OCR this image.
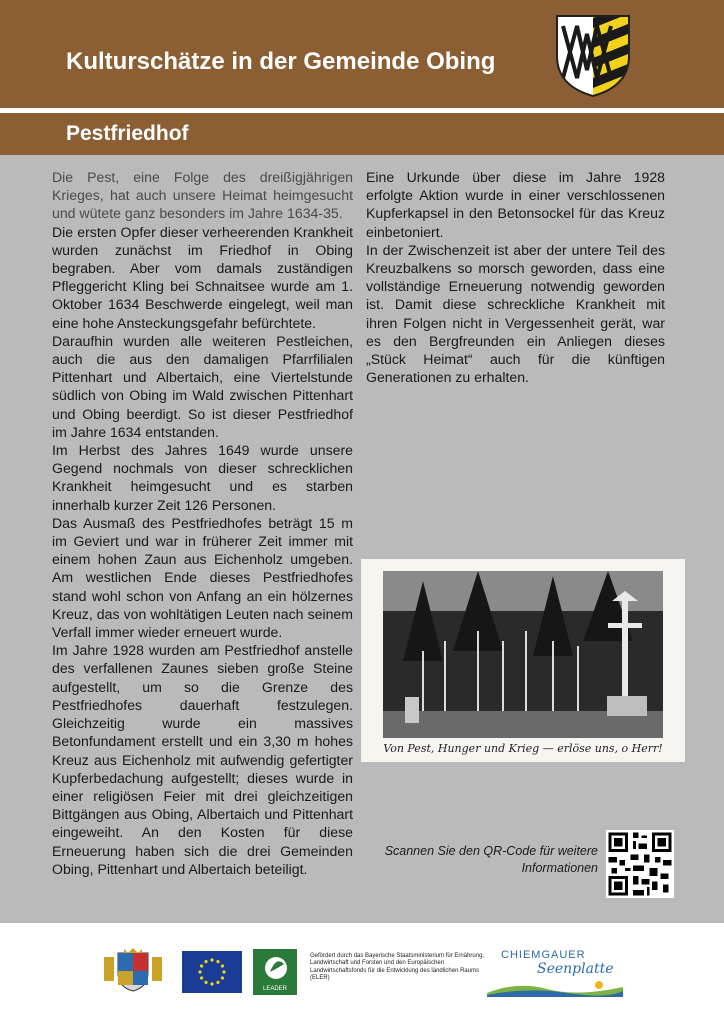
Kulturschätze in der Gemeinde Obing
Pestfriedhof

Die Pest, eine Folge des dreißigjährigen Krieges, hat auch unsere Heimat heimgesucht und wütete ganz besonders im Jahre 1634-35.

Die ersten Opfer dieser verheerenden Krankheit wurden zunächst im Friedhof in Obing begraben. Aber vom damals zuständigen Pfleggericht Kling bei Schnaitsee wurde am 1. Oktober 1634 Beschwerde eingelegt, weil man eine hohe Ansteckungsgefahr befürchtete.

Daraufhin wurden alle weiteren Pestleichen, auch die aus den damaligen Pfarrfilialen Pittenhart und Albertaich, eine Viertelstunde südlich von Obing im Wald zwischen Pittenhart und Obing beerdigt. So ist dieser Pestfriedhof im Jahre 1634 entstanden.

Im Herbst des Jahres 1649 wurde unsere Gegend nochmals von dieser schrecklichen Krankheit heimgesucht und es starben innerhalb kurzer Zeit 126 Personen.

Das Ausmaß des Pestfriedhofes beträgt 15 m im Geviert und war in früherer Zeit immer mit einem hohen Zaun aus Eichenholz umgeben. Am westlichen Ende dieses Pestfriedhofes stand wohl schon von Anfang an ein hölzernes Kreuz, das von wohltätigen Leuten nach seinem Verfall immer wieder erneuert wurde.

Im Jahre 1928 wurden am Pestfriedhof anstelle des verfallenen Zaunes sieben große Steine aufgestellt, um so die Grenze des Pestfriedhofes dauerhaft festzulegen. Gleichzeitig wurde ein massives Betonfundament erstellt und ein 3,30 m hohes Kreuz aus Eichenholz mit aufwendig gefertigter Kupferbedachung aufgestellt; dieses wurde in einer religiösen Feier mit drei gleichzeitigen Bittgängen aus Obing, Albertaich und Pittenhart eingeweiht. An den Kosten für diese Erneuerung haben sich die drei Gemeinden Obing, Pittenhart und Albertaich beteiligt.

Eine Urkunde über diese im Jahre 1928 erfolgte Aktion wurde in einer verschlossenen Kupferkapsel in den Betonsockel für das Kreuz einbetoniert.

In der Zwischenzeit ist aber der untere Teil des Kreuzbalkens so morsch geworden, dass eine vollständige Erneuerung notwendig geworden ist. Damit diese schreckliche Krankheit mit ihren Folgen nicht in Vergessenheit gerät, war es den Bergfreunden ein Anliegen dieses „Stück Heimat“ auch für die künftigen Generationen zu erhalten.

Von Pest, Hunger und Krieg — erlöse uns, o Herr!
Scannen Sie den QR-Code für weitere Informationen
LEADER
Gefördert durch das Bayerische Staatsministerium für Ernährung, Landwirtschaft und Forsten und den Europäischen Landwirtschaftsfonds für die Entwicklung des ländlichen Raums (ELER)
CHIEMGAUER
Seenplatte
